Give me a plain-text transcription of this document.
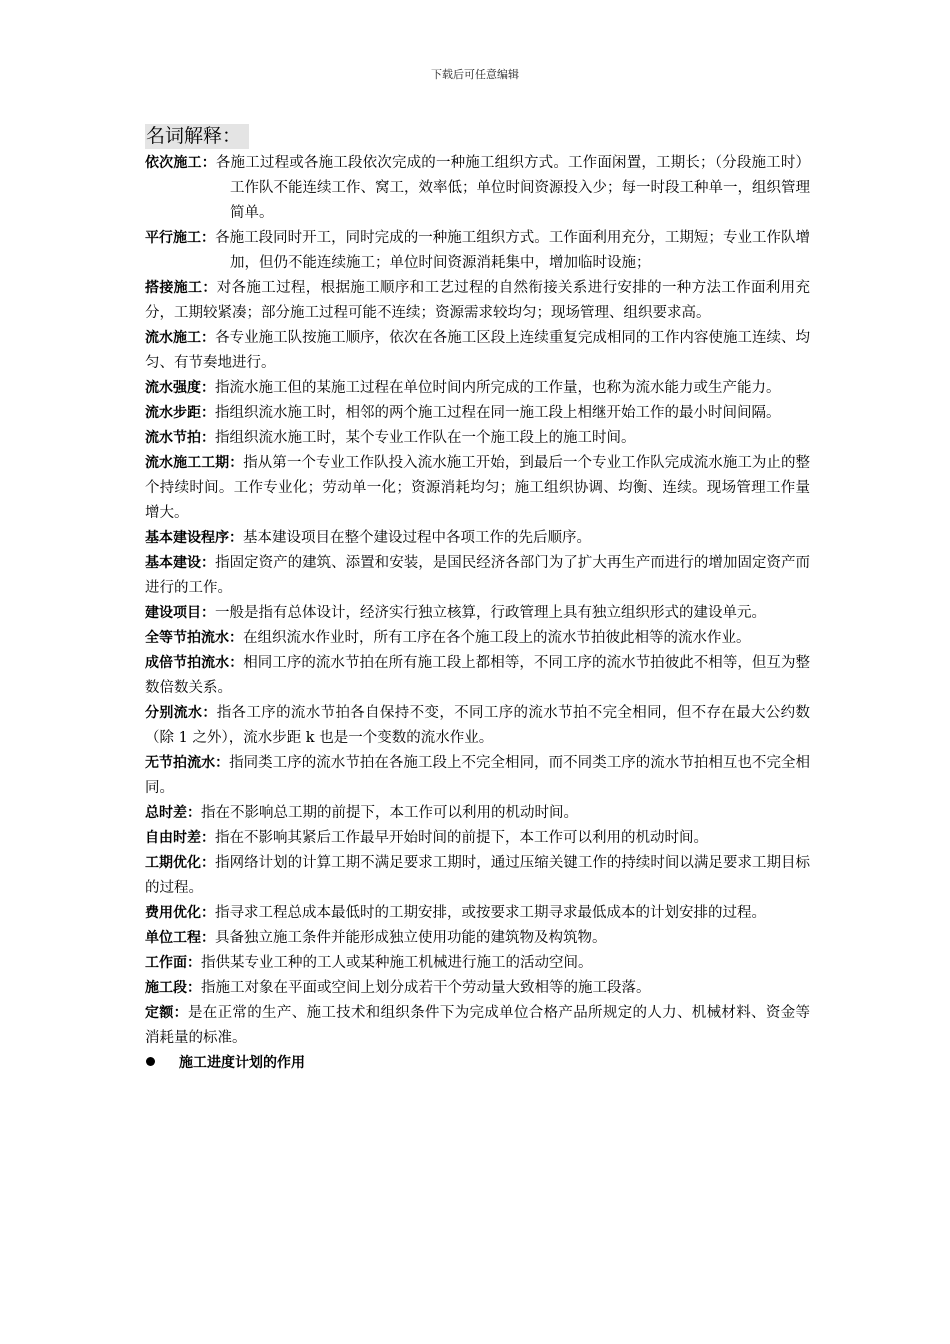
下载后可任意编辑
名词解释：

依次施工：各施工过程或各施工段依次完成的一种施工组织方式。工作面闲置，工期长；（分段施工时）工作队不能连续工作、窝工，效率低；单位时间资源投入少；每一时段工种单一，组织管理简单。

平行施工：各施工段同时开工，同时完成的一种施工组织方式。工作面利用充分，工期短；专业工作队增加，但仍不能连续施工；单位时间资源消耗集中，增加临时设施；

搭接施工：对各施工过程，根据施工顺序和工艺过程的自然衔接关系进行安排的一种方法工作面利用充分，工期较紧凑；部分施工过程可能不连续；资源需求较均匀；现场管理、组织要求高。

流水施工：各专业施工队按施工顺序，依次在各施工区段上连续重复完成相同的工作内容使施工连续、均匀、有节奏地进行。

流水强度：指流水施工但的某施工过程在单位时间内所完成的工作量，也称为流水能力或生产能力。

流水步距：指组织流水施工时，相邻的两个施工过程在同一施工段上相继开始工作的最小时间间隔。

流水节拍：指组织流水施工时，某个专业工作队在一个施工段上的施工时间。

流水施工工期：指从第一个专业工作队投入流水施工开始，到最后一个专业工作队完成流水施工为止的整个持续时间。工作专业化；劳动单一化；资源消耗均匀；施工组织协调、均衡、连续。现场管理工作量增大。

基本建设程序：基本建设项目在整个建设过程中各项工作的先后顺序。

基本建设：指固定资产的建筑、添置和安装，是国民经济各部门为了扩大再生产而进行的增加固定资产而进行的工作。

建设项目：一般是指有总体设计，经济实行独立核算，行政管理上具有独立组织形式的建设单元。

全等节拍流水：在组织流水作业时，所有工序在各个施工段上的流水节拍彼此相等的流水作业。

成倍节拍流水：相同工序的流水节拍在所有施工段上都相等，不同工序的流水节拍彼此不相等，但互为整数倍数关系。

分别流水：指各工序的流水节拍各自保持不变，不同工序的流水节拍不完全相同，但不存在最大公约数（除 1 之外），流水步距 k 也是一个变数的流水作业。

无节拍流水：指同类工序的流水节拍在各施工段上不完全相同，而不同类工序的流水节拍相互也不完全相同。

总时差：指在不影响总工期的前提下，本工作可以利用的机动时间。

自由时差：指在不影响其紧后工作最早开始时间的前提下，本工作可以利用的机动时间。

工期优化：指网络计划的计算工期不满足要求工期时，通过压缩关键工作的持续时间以满足要求工期目标的过程。

费用优化：指寻求工程总成本最低时的工期安排，或按要求工期寻求最低成本的计划安排的过程。

单位工程：具备独立施工条件并能形成独立使用功能的建筑物及构筑物。

工作面：指供某专业工种的工人或某种施工机械进行施工的活动空间。

施工段：指施工对象在平面或空间上划分成若干个劳动量大致相等的施工段落。

定额：是在正常的生产、施工技术和组织条件下为完成单位合格产品所规定的人力、机械材料、资金等消耗量的标准。

施工进度计划的作用
